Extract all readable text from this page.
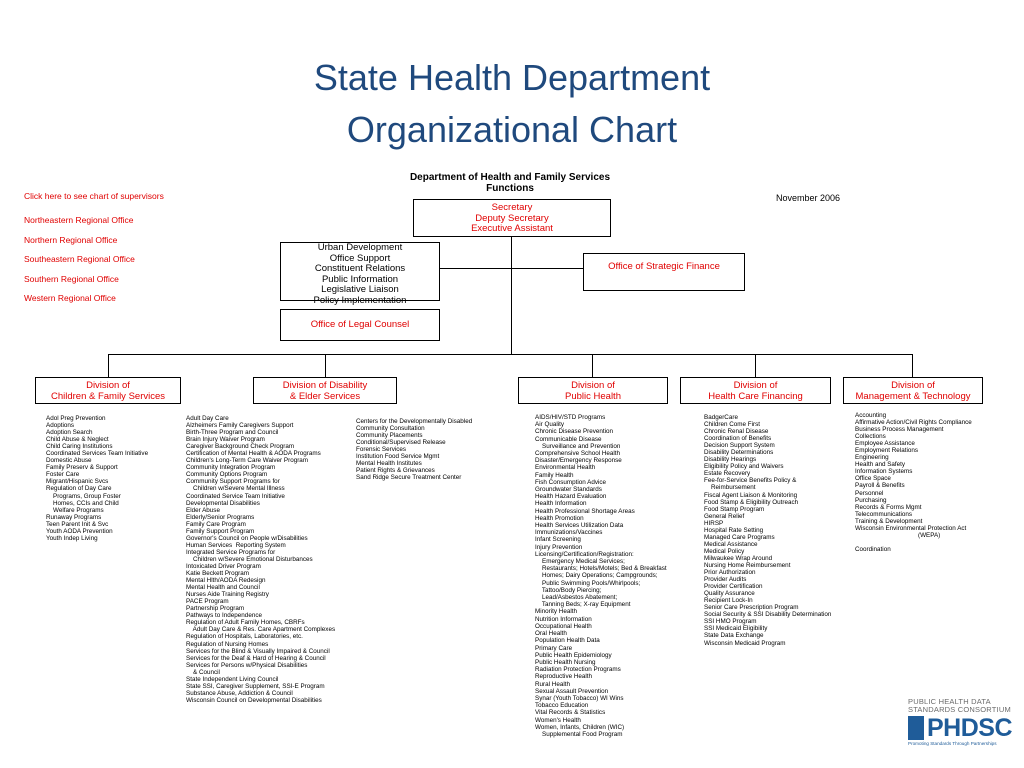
State Health Department
Organizational Chart
Department of Health and Family Services
Functions
November 2006
Click here to see chart of supervisors
Northeastern Regional Office
Northern Regional Office
Southeastern Regional Office
Southern Regional Office
Western Regional Office
Secretary
Deputy Secretary
Executive Assistant
Urban Development
Office Support
Constituent Relations
Public Information
Legislative Liaison
Policy Implementation
Office of Legal Counsel
Office of Strategic Finance
Division of
Children & Family Services
Division of Disability
& Elder Services
Division of
Public Health
Division of
Health Care Financing
Division of
Management & Technology
Adol Preg Prevention
Adoptions
Adoption Search
Child Abuse & Neglect
Child Caring Institutions
Coordinated Services Team Initiative
Domestic Abuse
Family Preserv & Support
Foster Care
Migrant/Hispanic Svcs
Regulation of Day Care
Programs, Group Foster
Homes, CCIs and Child
Welfare Programs
Runaway Programs
Teen Parent Init & Svc
Youth AODA Prevention
Youth Indep Living
Adult Day Care
Alzheimers Family Caregivers Support
Birth-Three Program and Council
Brain Injury Waiver Program
Caregiver Background Check Program
Certification of Mental Health & AODA Programs
Children's Long-Term Care Waiver Program
Community Integration Program
Community Options Program
Community Support Programs for
Children w/Severe Mental Illness
Coordinated Service Team Initiative
Developmental Disabilities
Elder Abuse
Elderly/Senior Programs
Family Care Program
Family Support Program
Governor's Council on People w/Disabilities
Human Services  Reporting System
Integrated Service Programs for
Children w/Severe Emotional Disturbances
Intoxicated Driver Program
Katie Beckett Program
Mental Hlth/AODA Redesign
Mental Health and Council
Nurses Aide Training Registry
PACE Program
Partnership Program
Pathways to Independence
Regulation of Adult Family Homes, CBRFs
Adult Day Care & Res. Care Apartment Complexes
Regulation of Hospitals, Laboratories, etc.
Regulation of Nursing Homes
Services for the Blind & Visually Impaired & Council
Services for the Deaf & Hard of Hearing & Council
Services for Persons w/Physical Disabilities
& Council
State Independent Living Council
State SSI, Caregiver Supplement, SSI-E Program
Substance Abuse, Addiction & Council
Wisconsin Council on Developmental Disabilities
Centers for the Developmentally Disabled
Community Consultation
Community Placements
Conditional/Supervised Release
Forensic Services
Institution Food Service Mgmt
Mental Health Institutes
Patient Rights & Grievances
Sand Ridge Secure Treatment Center
AIDS/HIV/STD Programs
Air Quality
Chronic Disease Prevention
Communicable Disease
Surveillance and Prevention
Comprehensive School Health
Disaster/Emergency Response
Environmental Health
Family Health
Fish Consumption Advice
Groundwater Standards
Health Hazard Evaluation
Health Information
Health Professional Shortage Areas
Health Promotion
Health Services Utilization Data
Immunizations/Vaccines
Infant Screening
Injury Prevention
Licensing/Certification/Registration:
Emergency Medical Services;
Restaurants; Hotels/Motels; Bed & Breakfast
Homes; Dairy Operations; Campgrounds;
Public Swimming Pools/Whirlpools;
Tattoo/Body Piercing;
Lead/Asbestos Abatement;
Tanning Beds; X-ray Equipment
Minority Health
Nutrition Information
Occupational Health
Oral Health
Population Health Data
Primary Care
Public Health Epidemiology
Public Health Nursing
Radiation Protection Programs
Reproductive Health
Rural Health
Sexual Assault Prevention
Synar (Youth Tobacco) WI Wins
Tobacco Education
Vital Records & Statistics
Women's Health
Women, Infants, Children (WIC)
Supplemental Food Program
BadgerCare
Children Come First
Chronic Renal Disease
Coordination of Benefits
Decision Support System
Disability Determinations
Disability Hearings
Eligibility Policy and Waivers
Estate Recovery
Fee-for-Service Benefits Policy &
Reimbursement
Fiscal Agent Liaison & Monitoring
Food Stamp & Eligibility Outreach
Food Stamp Program
General Relief
HIRSP
Hospital Rate Setting
Managed Care Programs
Medical Assistance
Medical Policy
Milwaukee Wrap Around
Nursing Home Reimbursement
Prior Authorization
Provider Audits
Provider Certification
Quality Assurance
Recipient Lock-In
Senior Care Prescription Program
Social Security & SSI Disability Determination
SSI HMO Program
SSI Medicaid Eligibility
State Data Exchange
Wisconsin Medicaid Program
Accounting
Affirmative Action/Civil Rights Compliance
Business Process Management
Collections
Employee Assistance
Employment Relations
Engineering
Health and Safety
Information Systems
Office Space
Payroll & Benefits
Personnel
Purchasing
Records & Forms Mgmt
Telecommunications
Training & Development
Wisconsin Environmental Protection Act
(WEPA)

Coordination
PUBLIC HEALTH DATA
STANDARDS CONSORTIUM
PHDSC
Promoting Standards Through Partnerships
